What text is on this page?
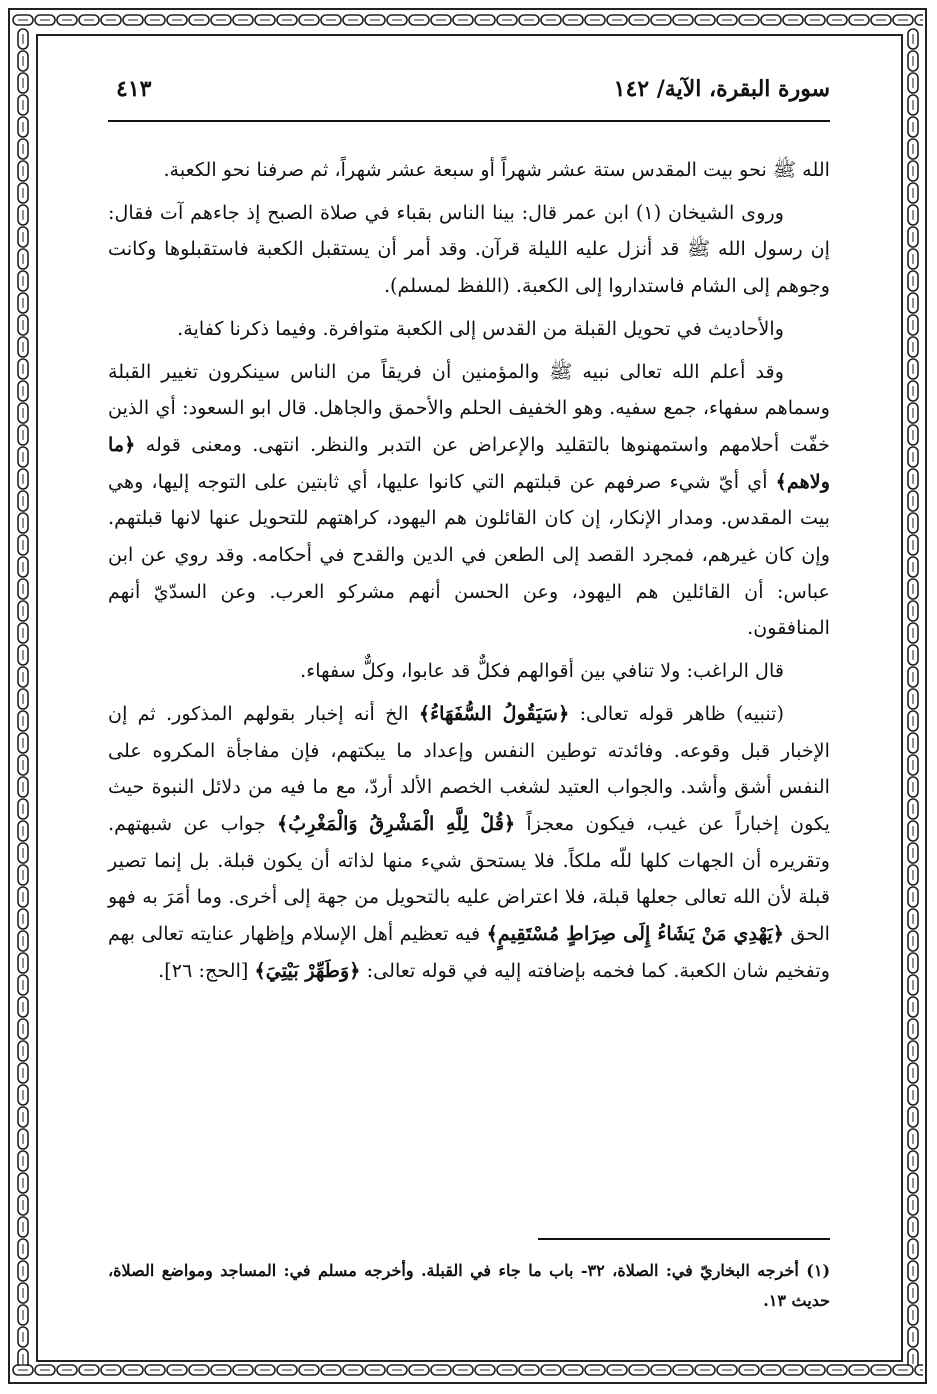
سورة البقرة، الآية/ ١٤٢
٤١٣

الله ﷺ نحو بيت المقدس ستة عشر شهراً أو سبعة عشر شهراً، ثم صرفنا نحو الكعبة.

وروى الشيخان (١) ابن عمر قال: بينا الناس بقباء في صلاة الصبح إذ جاءهم آت فقال: إن رسول الله ﷺ قد أنزل عليه الليلة قرآن. وقد أمر أن يستقبل الكعبة فاستقبلوها وكانت وجوهم إلى الشام فاستداروا إلى الكعبة. (اللفظ لمسلم).

والأحاديث في تحويل القبلة من القدس إلى الكعبة متوافرة. وفيما ذكرنا كفاية.

وقد أعلم الله تعالى نبيه ﷺ والمؤمنين أن فريقاً من الناس سينكرون تغيير القبلة وسماهم سفهاء، جمع سفيه. وهو الخفيف الحلم والأحمق والجاهل. قال ابو السعود: أي الذين خفّت أحلامهم واستمهنوها بالتقليد والإعراض عن التدبر والنظر. انتهى. ومعنى قوله ﴿ما ولاهم﴾ أي أيّ شيء صرفهم عن قبلتهم التي كانوا عليها، أي ثابتين على التوجه إليها، وهي بيت المقدس. ومدار الإنكار، إن كان القائلون هم اليهود، كراهتهم للتحويل عنها لانها قبلتهم. وإن كان غيرهم، فمجرد القصد إلى الطعن في الدين والقدح في أحكامه. وقد روي عن ابن عباس: أن القائلين هم اليهود، وعن الحسن أنهم مشركو العرب. وعن السدّيّ أنهم المنافقون.

قال الراغب: ولا تنافي بين أقوالهم فكلٌّ قد عابوا، وكلٌّ سفهاء.

(تنبيه) ظاهر قوله تعالى: ﴿سَيَقُولُ السُّفَهَاءُ﴾ الخ أنه إخبار بقولهم المذكور. ثم إن الإخبار قبل وقوعه. وفائدته توطين النفس وإعداد ما يبكتهم، فإن مفاجأة المكروه على النفس أشق وأشد. والجواب العتيد لشغب الخصم الألد أردّ، مع ما فيه من دلائل النبوة حيث يكون إخباراً عن غيب، فيكون معجزاً ﴿قُلْ لِلَّهِ الْمَشْرِقُ وَالْمَغْرِبُ﴾ جواب عن شبهتهم. وتقريره أن الجهات كلها للّه ملكاً. فلا يستحق شيء منها لذاته أن يكون قبلة. بل إنما تصير قبلة لأن الله تعالى جعلها قبلة، فلا اعتراض عليه بالتحويل من جهة إلى أخرى. وما أمَرَ به فهو الحق ﴿يَهْدِي مَنْ يَشَاءُ إِلَى صِرَاطٍ مُسْتَقِيمٍ﴾ فيه تعظيم أهل الإسلام وإظهار عنايته تعالى بهم وتفخيم شان الكعبة. كما فخمه بإضافته إليه في قوله تعالى: ﴿وَطَهِّرْ بَيْتِيَ﴾ [الحج: ٢٦].

(١) أخرجه البخاريّ في: الصلاة، ٣٢- باب ما جاء في القبلة. وأخرجه مسلم في: المساجد ومواضع الصلاة، حديث ١٣.
